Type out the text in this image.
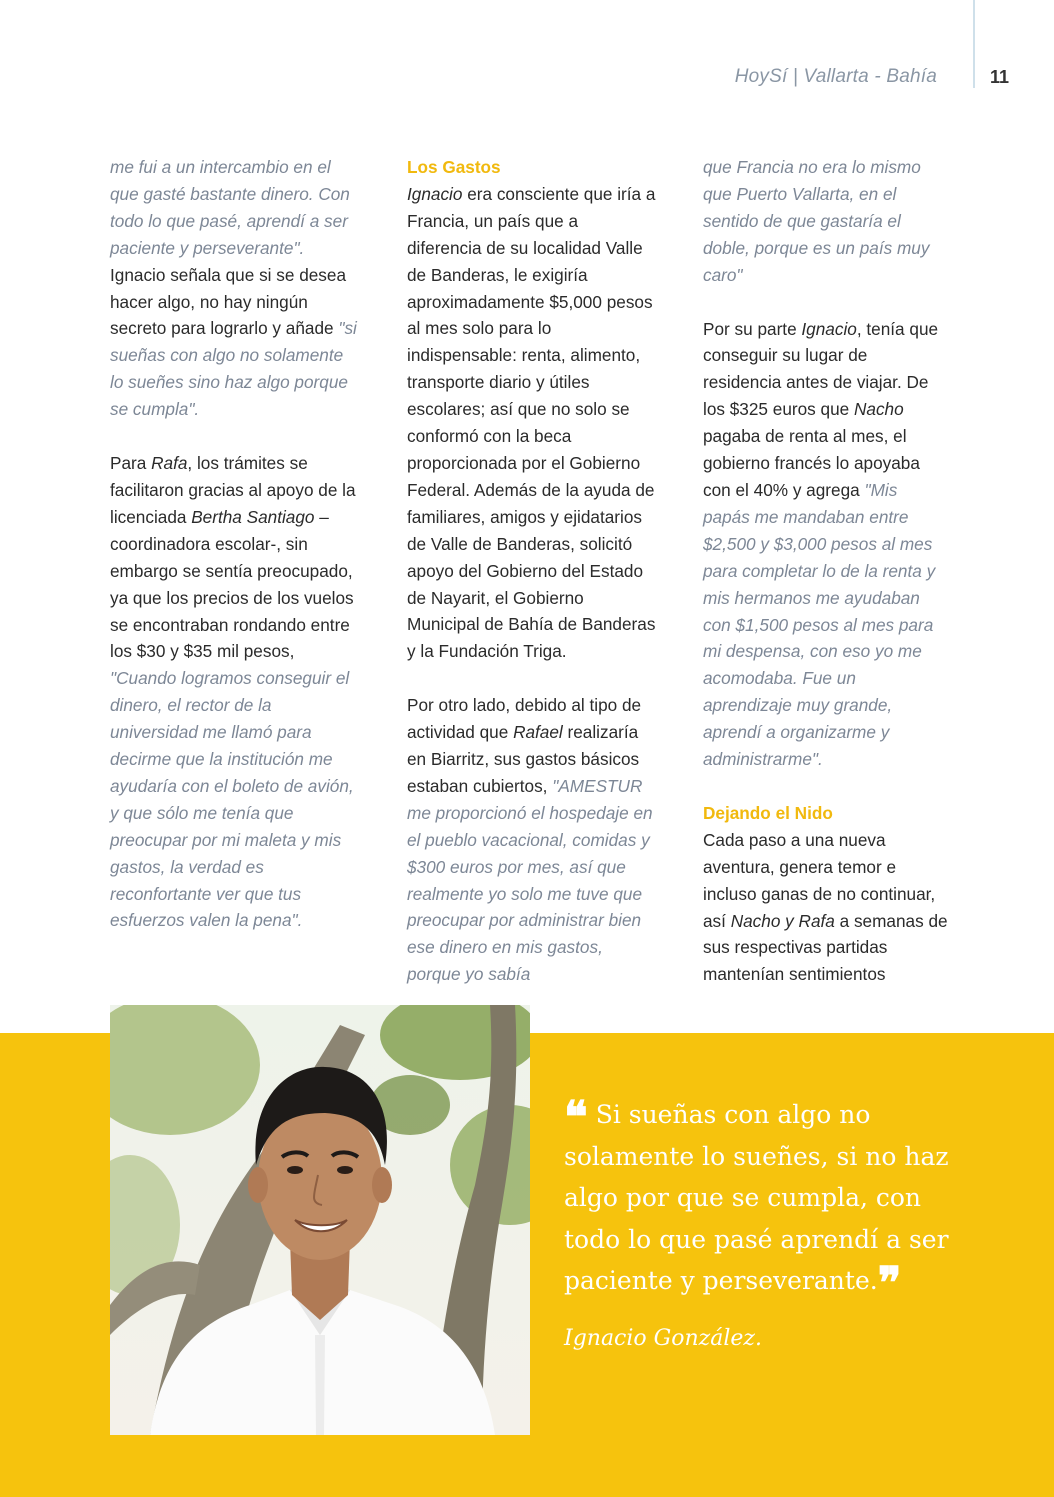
HoySí | Vallarta - Bahía	11

me fui a un intercambio en el que gasté bastante dinero. Con todo lo que pasé, aprendí a ser paciente y perseverante". Ignacio señala que si se desea hacer algo, no hay ningún secreto para lograrlo y añade "si sueñas con algo no solamente lo sueñes sino haz algo porque se cumpla".

Para Rafa, los trámites se facilitaron gracias al apoyo de la licenciada Bertha Santiago –coordinadora escolar-, sin embargo se sentía preocupado, ya que los precios de los vuelos se encontraban rondando entre los $30 y $35 mil pesos, "Cuando logramos conseguir el dinero, el rector de la universidad me llamó para decirme que la institución me ayudaría con el boleto de avión, y que sólo me tenía que preocupar por mi maleta y mis gastos, la verdad es reconfortante ver que tus esfuerzos valen la pena".

Los Gastos

Ignacio era consciente que iría a Francia, un país que a diferencia de su localidad Valle de Banderas, le exigiría aproximadamente $5,000 pesos al mes solo para lo indispensable: renta, alimento, transporte diario y útiles escolares; así que no solo se conformó con la beca proporcionada por el Gobierno Federal. Además de la ayuda de familiares, amigos y ejidatarios de Valle de Banderas, solicitó apoyo del Gobierno del Estado de Nayarit, el Gobierno Municipal de Bahía de Banderas y la Fundación Triga.

Por otro lado, debido al tipo de actividad que Rafael realizaría en Biarritz, sus gastos básicos estaban cubiertos, "AMESTUR me proporcionó el hospedaje en el pueblo vacacional, comidas y $300 euros por mes, así que realmente yo solo me tuve que preocupar por administrar bien ese dinero en mis gastos, porque yo sabía

que Francia no era lo mismo que Puerto Vallarta, en el sentido de que gastaría el doble, porque es un país muy caro"

Por su parte Ignacio, tenía que conseguir su lugar de residencia antes de viajar. De los $325 euros que Nacho pagaba de renta al mes, el gobierno francés lo apoyaba con el 40% y agrega "Mis papás me mandaban entre $2,500 y $3,000 pesos al mes para completar lo de la renta y mis hermanos me ayudaban con $1,500 pesos al mes para mi despensa, con eso yo me acomodaba. Fue un aprendizaje muy grande, aprendí a organizarme y administrarme".

Dejando el Nido

Cada paso a una nueva aventura, genera temor e incluso ganas de no continuar, así Nacho y Rafa a semanas de sus respectivas partidas mantenían sentimientos

❝ Si sueñas con algo no solamente lo sueñes, si no haz algo por que se cumpla, con todo lo que pasé aprendí a ser paciente y perseverante.❞
Ignacio González.
